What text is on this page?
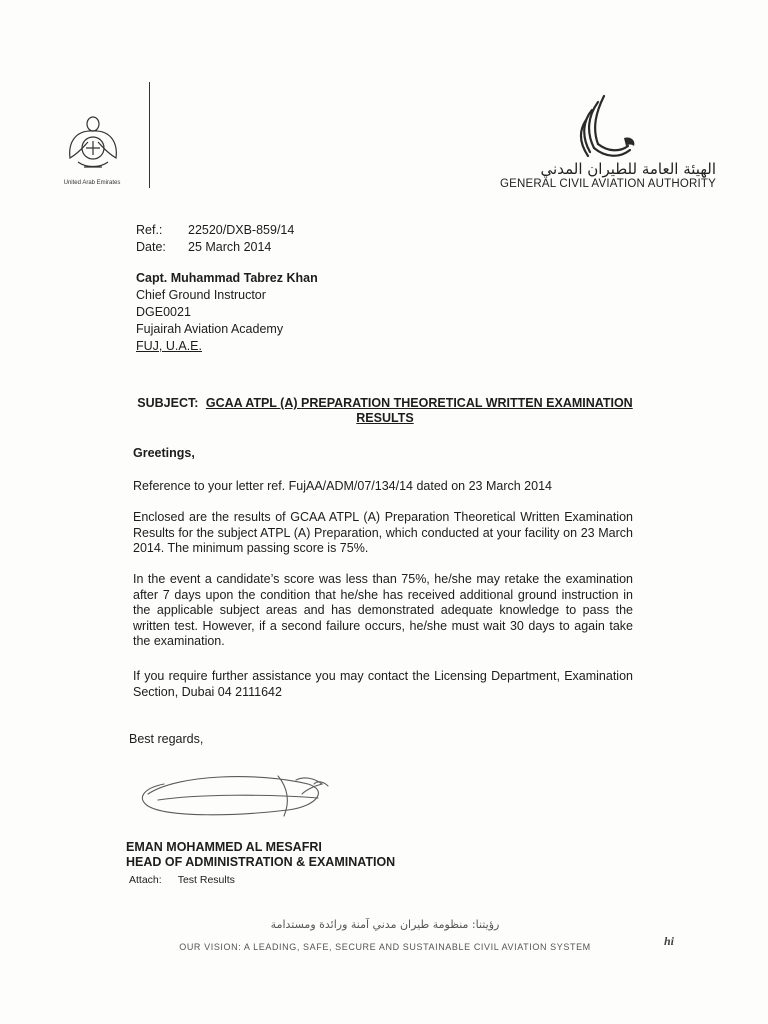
United Arab Emirates
الهيئة العامة للطيران المدني
GENERAL CIVIL AVIATION AUTHORITY
Ref.: 22520/DXB-859/14
Date: 25 March 2014
Capt. Muhammad Tabrez Khan
Chief Ground Instructor
DGE0021
Fujairah Aviation Academy
FUJ, U.A.E.
SUBJECT: GCAA ATPL (A) PREPARATION THEORETICAL WRITTEN EXAMINATION
RESULTS
Greetings,
Reference to your letter ref. FujAA/ADM/07/134/14 dated on 23 March 2014
Enclosed are the results of GCAA ATPL (A) Preparation Theoretical Written Examination Results for the subject ATPL (A) Preparation, which conducted at your facility on 23 March 2014. The minimum passing score is 75%.
In the event a candidate’s score was less than 75%, he/she may retake the examination after 7 days upon the condition that he/she has received additional ground instruction in the applicable subject areas and has demonstrated adequate knowledge to pass the written test. However, if a second failure occurs, he/she must wait 30 days to again take the examination.
If you require further assistance you may contact the Licensing Department, Examination Section, Dubai 04 2111642
Best regards,
EMAN MOHAMMED AL MESAFRI
HEAD OF ADMINISTRATION & EXAMINATION
Attach: Test Results
رؤيتنا: منظومة طيران مدني آمنة ورائدة ومستدامة
OUR VISION: A LEADING, SAFE, SECURE AND SUSTAINABLE CIVIL AVIATION SYSTEM	hi
